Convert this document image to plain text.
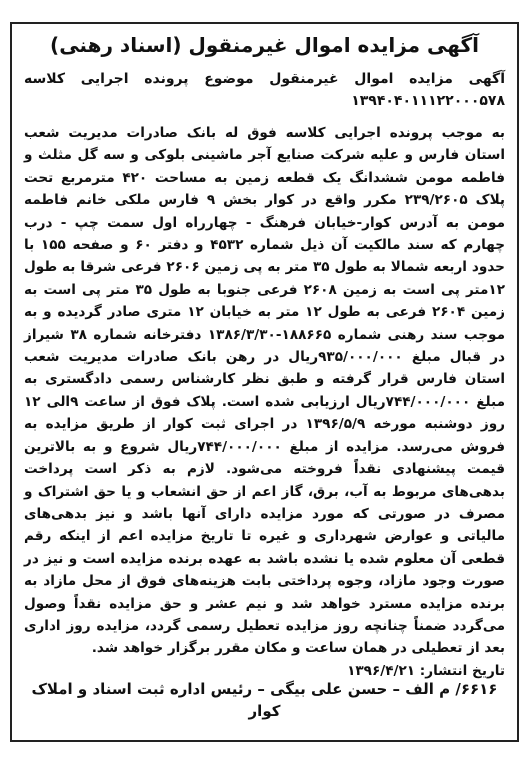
آگهی مزایده اموال غیرمنقول (اسناد رهنی)
آگهی مزایده اموال غیرمنقول موضوع پرونده اجرایی کلاسه ۱۳۹۴۰۴۰۱۱۱۲۲۰۰۰۵۷۸

به موجب پرونده اجرایی کلاسه فوق له بانک صادرات مدیریت شعب استان فارس و علیه شرکت صنایع آجر ماشینی بلوکی و سه گل مثلث و فاطمه مومن ششدانگ یک قطعه زمین به مساحت ۴۲۰ مترمربع تحت پلاک ۲۳۹/۲۶۰۵ مکرر واقع در کوار بخش ۹ فارس ملکی خانم فاطمه مومن به آدرس کوار-خیابان فرهنگ - چهارراه اول سمت چپ - درب چهارم که سند مالکیت آن ذیل شماره ۴۵۳۲ و دفتر ۶۰ و صفحه ۱۵۵ با حدود اربعه شمالا به طول ۳۵ متر به پی زمین ۲۶۰۶ فرعی شرقا به طول ۱۲متر پی است به زمین ۲۶۰۸ فرعی جنوبا به طول ۳۵ متر پی است به زمین ۲۶۰۴ فرعی به طول ۱۲ متر به خیابان ۱۲ متری صادر گردیده و به موجب سند رهنی شماره ۱۸۸۶۶۵-۱۳۸۶/۳/۳۰ دفترخانه شماره ۳۸ شیراز در قبال مبلغ ۹۳۵/۰۰۰/۰۰۰ریال در رهن بانک صادرات مدیریت شعب استان فارس قرار گرفته و طبق نظر کارشناس رسمی دادگستری به مبلغ ۷۴۴/۰۰۰/۰۰۰ریال ارزیابی شده است. پلاک فوق از ساعت ۹الی ۱۲ روز دوشنبه مورخه ۱۳۹۶/۵/۹ در اجرای ثبت کوار از طریق مزایده به فروش می‌رسد. مزایده از مبلغ ۷۴۴/۰۰۰/۰۰۰ریال شروع و به بالاترین قیمت پیشنهادی نقداً فروخته می‌شود. لازم به ذکر است پرداخت بدهی‌های مربوط به آب، برق، گاز اعم از حق انشعاب و یا حق اشتراک و مصرف در صورتی که مورد مزایده دارای آنها باشد و نیز بدهی‌های مالیاتی و عوارض شهرداری و غیره تا تاریخ مزایده اعم از اینکه رقم قطعی آن معلوم شده یا نشده باشد به عهده برنده مزایده است و نیز در صورت وجود مازاد، وجوه پرداختی بابت هزینه‌های فوق از محل مازاد به برنده مزایده مسترد خواهد شد و نیم عشر و حق مزایده نقداً وصول می‌گردد ضمناً چنانچه روز مزایده تعطیل رسمی گردد، مزایده روز اداری بعد از تعطیلی در همان ساعت و مکان مقرر برگزار خواهد شد.

تاریخ انتشار: ۱۳۹۶/۴/۲۱
۶۶۱۶/ م الف – حسن علی بیگی – رئیس اداره ثبت اسناد و املاک کوار
